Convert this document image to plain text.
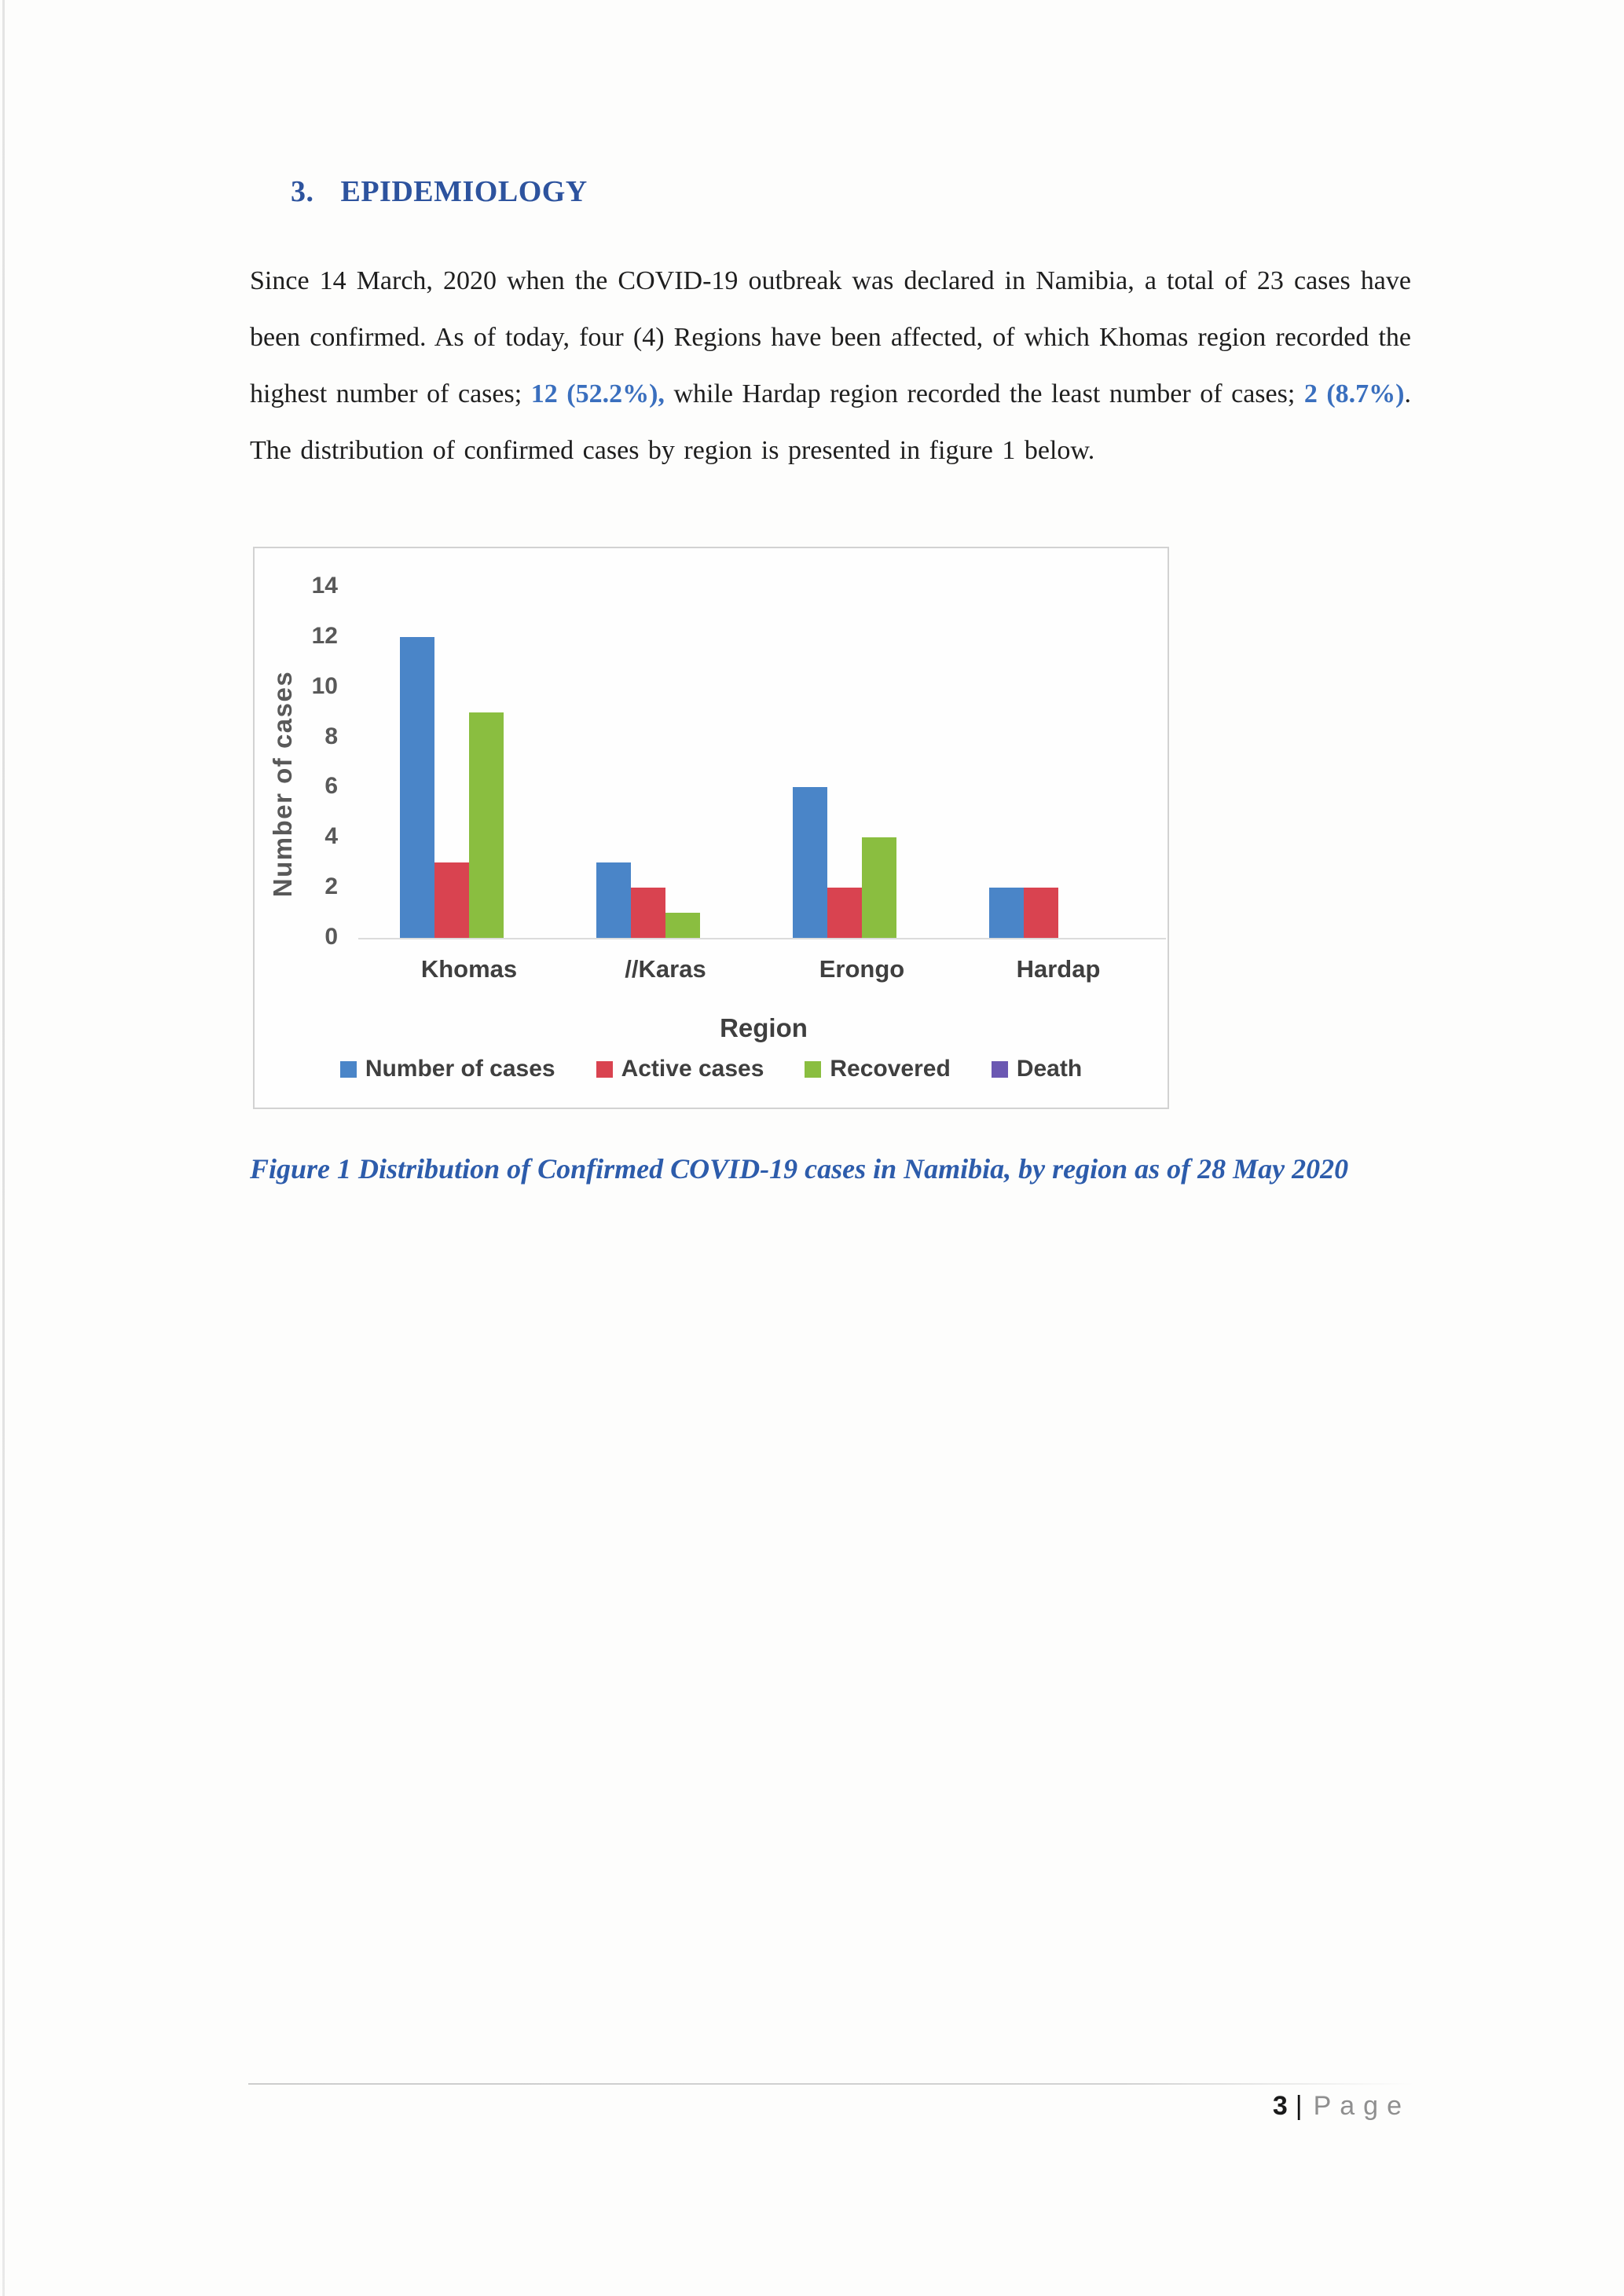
3. EPIDEMIOLOGY

Since 14 March, 2020 when the COVID-19 outbreak was declared in Namibia, a total of 23 cases have been confirmed. As of today, four (4) Regions have been affected, of which Khomas region recorded the highest number of cases; 12 (52.2%), while Hardap region recorded the least number of cases; 2 (8.7%). The distribution of confirmed cases by region is presented in figure 1 below.

Number of cases
0
2
4
6
8
10
12
14
Khomas	//Karas	Erongo	Hardap
Region
Number of cases	Active cases	Recovered	Death

Figure 1 Distribution of Confirmed COVID-19 cases in Namibia, by region as of 28 May 2020

3 | Page
